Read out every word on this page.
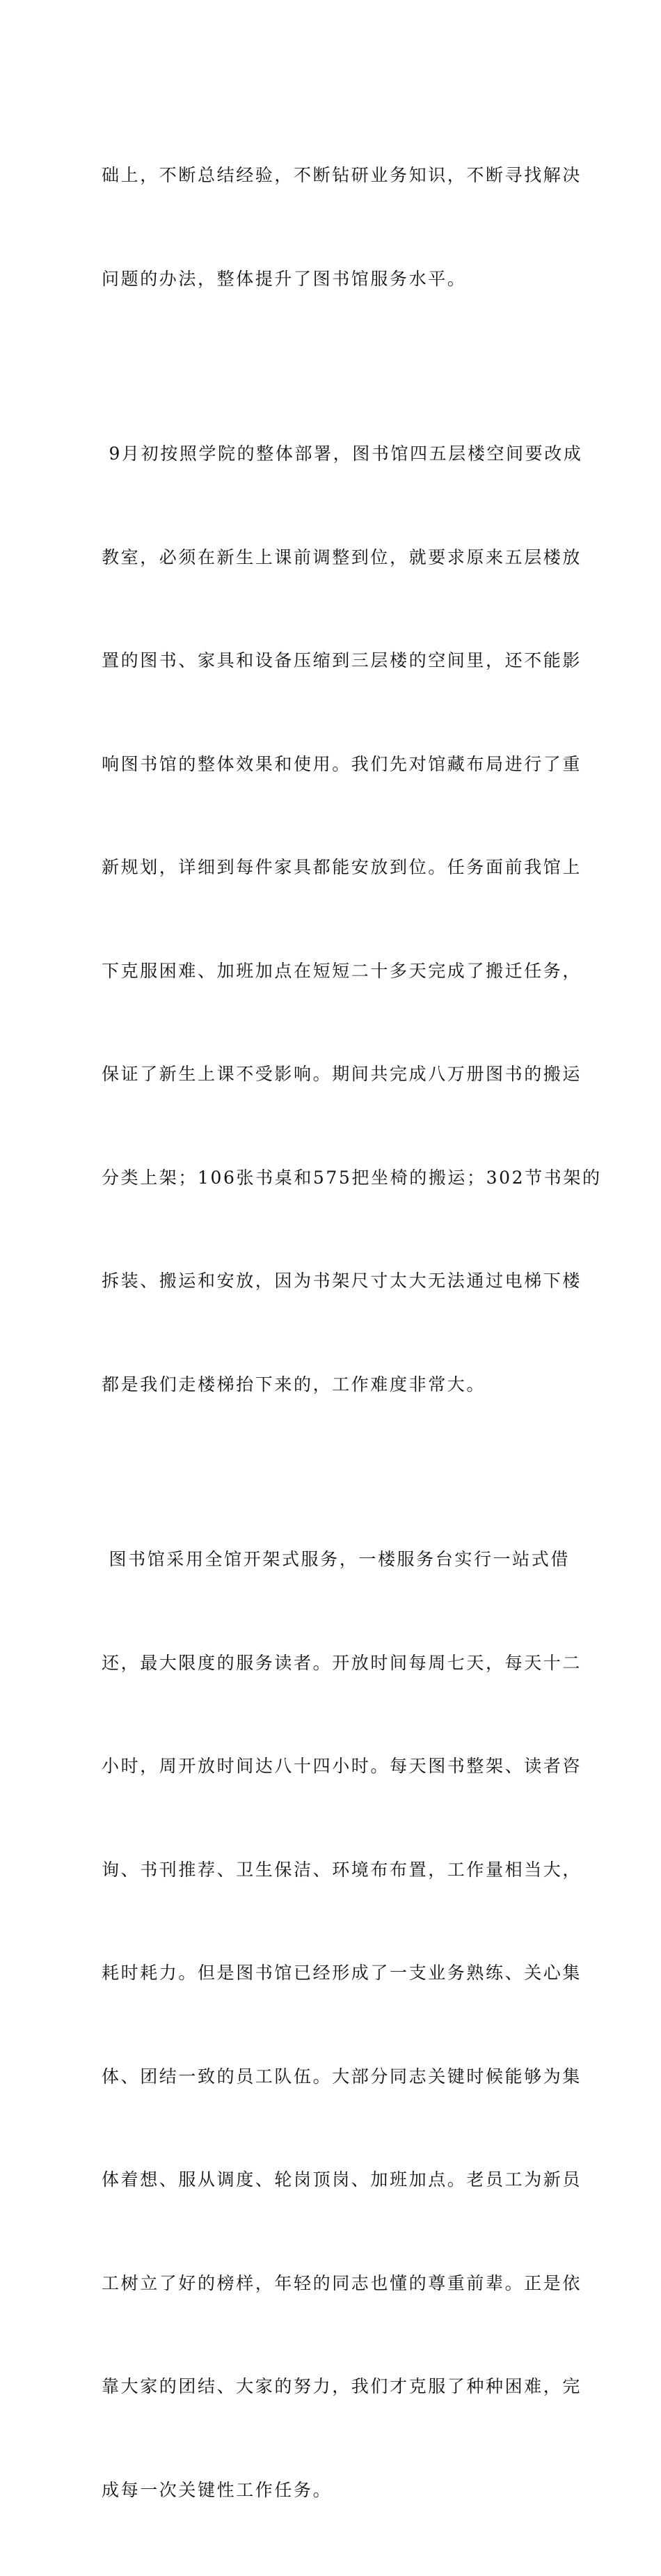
础上，不断总结经验，不断钻研业务知识，不断寻找解决

问题的办法，整体提升了图书馆服务水平。

9月初按照学院的整体部署，图书馆四五层楼空间要改成

教室，必须在新生上课前调整到位，就要求原来五层楼放

置的图书、家具和设备压缩到三层楼的空间里，还不能影

响图书馆的整体效果和使用。我们先对馆藏布局进行了重

新规划，详细到每件家具都能安放到位。任务面前我馆上

下克服困难、加班加点在短短二十多天完成了搬迁任务，

保证了新生上课不受影响。期间共完成八万册图书的搬运

分类上架；106张书桌和575把坐椅的搬运；302节书架的

拆装、搬运和安放，因为书架尺寸太大无法通过电梯下楼

都是我们走楼梯抬下来的，工作难度非常大。

图书馆采用全馆开架式服务，一楼服务台实行一站式借

还，最大限度的服务读者。开放时间每周七天，每天十二

小时，周开放时间达八十四小时。每天图书整架、读者咨

询、书刊推荐、卫生保洁、环境布布置，工作量相当大，

耗时耗力。但是图书馆已经形成了一支业务熟练、关心集

体、团结一致的员工队伍。大部分同志关键时候能够为集

体着想、服从调度、轮岗顶岗、加班加点。老员工为新员

工树立了好的榜样，年轻的同志也懂的尊重前辈。正是依

靠大家的团结、大家的努力，我们才克服了种种困难，完

成每一次关键性工作任务。
